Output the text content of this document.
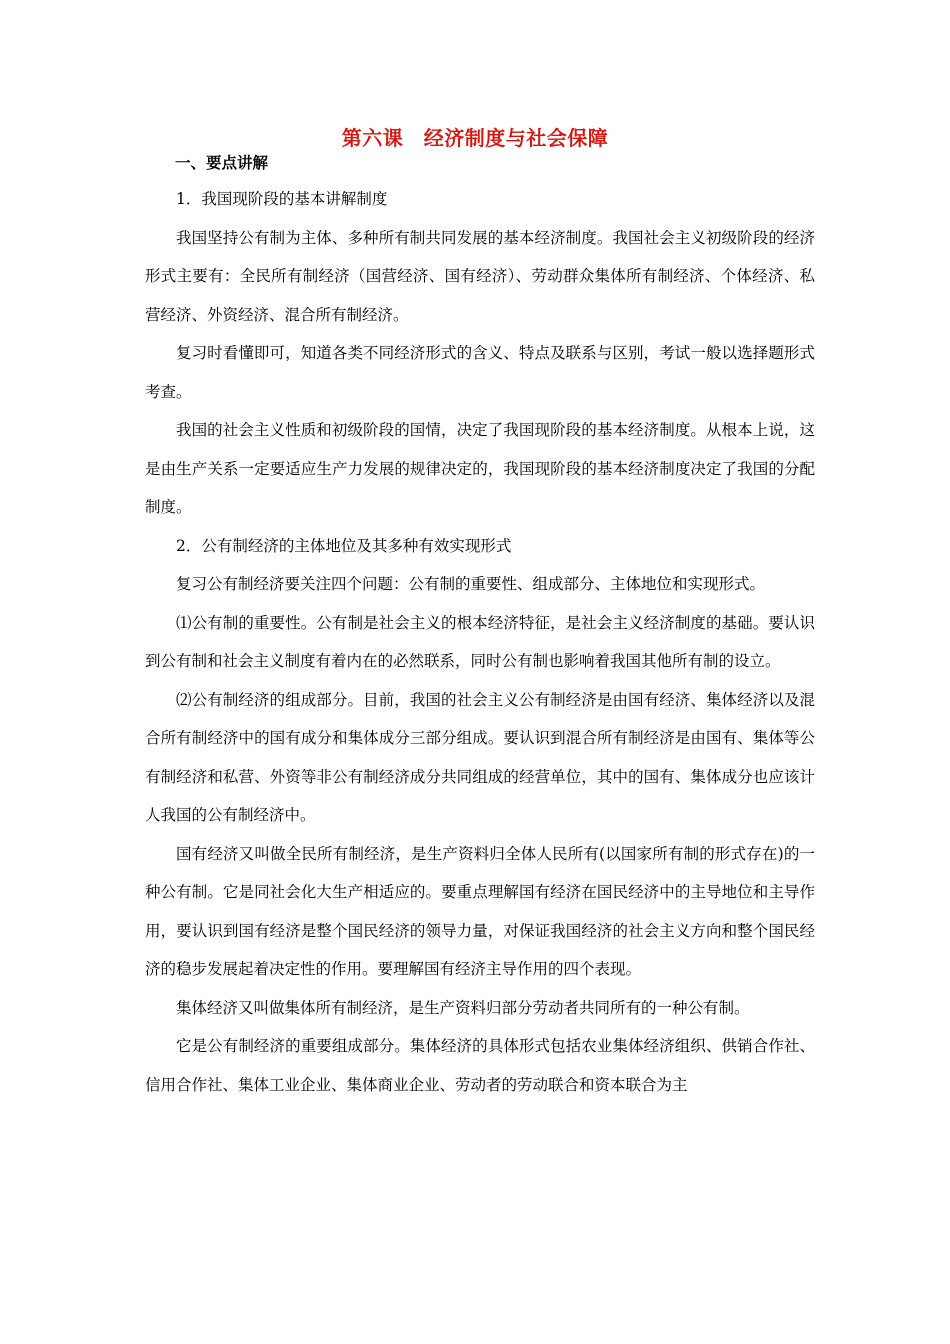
第六课　经济制度与社会保障
一、要点讲解

1．我国现阶段的基本讲解制度

我国坚持公有制为主体、多种所有制共同发展的基本经济制度。我国社会主义初级阶段的经济形式主要有：全民所有制经济（国营经济、国有经济）、劳动群众集体所有制经济、个体经济、私营经济、外资经济、混合所有制经济。

复习时看懂即可，知道各类不同经济形式的含义、特点及联系与区别，考试一般以选择题形式考查。

我国的社会主义性质和初级阶段的国情，决定了我国现阶段的基本经济制度。从根本上说，这是由生产关系一定要适应生产力发展的规律决定的，我国现阶段的基本经济制度决定了我国的分配制度。

2．公有制经济的主体地位及其多种有效实现形式

复习公有制经济要关注四个问题：公有制的重要性、组成部分、主体地位和实现形式。

⑴公有制的重要性。公有制是社会主义的根本经济特征，是社会主义经济制度的基础。要认识到公有制和社会主义制度有着内在的必然联系，同时公有制也影响着我国其他所有制的设立。

⑵公有制经济的组成部分。目前，我国的社会主义公有制经济是由国有经济、集体经济以及混合所有制经济中的国有成分和集体成分三部分组成。要认识到混合所有制经济是由国有、集体等公有制经济和私营、外资等非公有制经济成分共同组成的经营单位，其中的国有、集体成分也应该计人我国的公有制经济中。

国有经济又叫做全民所有制经济，是生产资料归全体人民所有(以国家所有制的形式存在)的一种公有制。它是同社会化大生产相适应的。要重点理解国有经济在国民经济中的主导地位和主导作用，要认识到国有经济是整个国民经济的领导力量，对保证我国经济的社会主义方向和整个国民经济的稳步发展起着决定性的作用。要理解国有经济主导作用的四个表现。

集体经济又叫做集体所有制经济，是生产资料归部分劳动者共同所有的一种公有制。

它是公有制经济的重要组成部分。集体经济的具体形式包括农业集体经济组织、供销合作社、信用合作社、集体工业企业、集体商业企业、劳动者的劳动联合和资本联合为主
